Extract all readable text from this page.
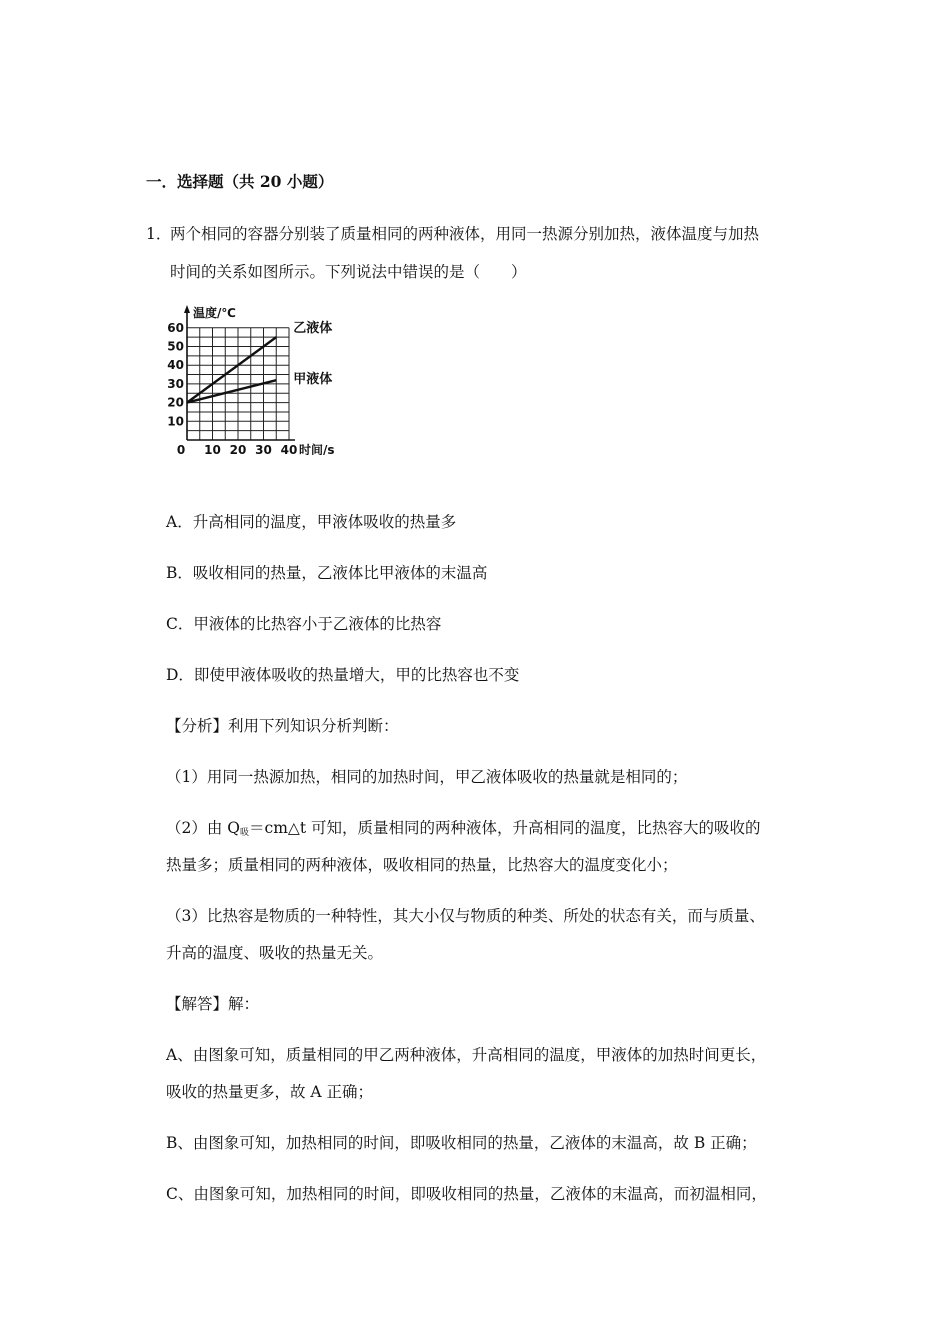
一．选择题（共 20 小题）
1．
两个相同的容器分别装了质量相同的两种液体，用同一热源分别加热，液体温度与加热
时间的关系如图所示。下列说法中错误的是（　　）
10
20
30
40
50
60
0 10 20 30 40
温度/℃
时间/s
乙液体
甲液体
A．升高相同的温度，甲液体吸收的热量多
B．吸收相同的热量，乙液体比甲液体的末温高
C．甲液体的比热容小于乙液体的比热容
D．即使甲液体吸收的热量增大，甲的比热容也不变
【分析】利用下列知识分析判断：
（1）用同一热源加热，相同的加热时间，甲乙液体吸收的热量就是相同的；
（2）由 $Q_吸=cm\triangle t$ 可知，质量相同的两种液体，升高相同的温度，比热容大的吸收的
热量多；质量相同的两种液体，吸收相同的热量，比热容大的温度变化小；
（3）比热容是物质的一种特性，其大小仅与物质的种类、所处的状态有关，而与质量、
升高的温度、吸收的热量无关。
【解答】解：
A、由图象可知，质量相同的甲乙两种液体，升高相同的温度，甲液体的加热时间更长，
吸收的热量更多，故 A 正确；
B、由图象可知，加热相同的时间，即吸收相同的热量，乙液体的末温高，故 B 正确；
C、由图象可知，加热相同的时间，即吸收相同的热量，乙液体的末温高，而初温相同，
